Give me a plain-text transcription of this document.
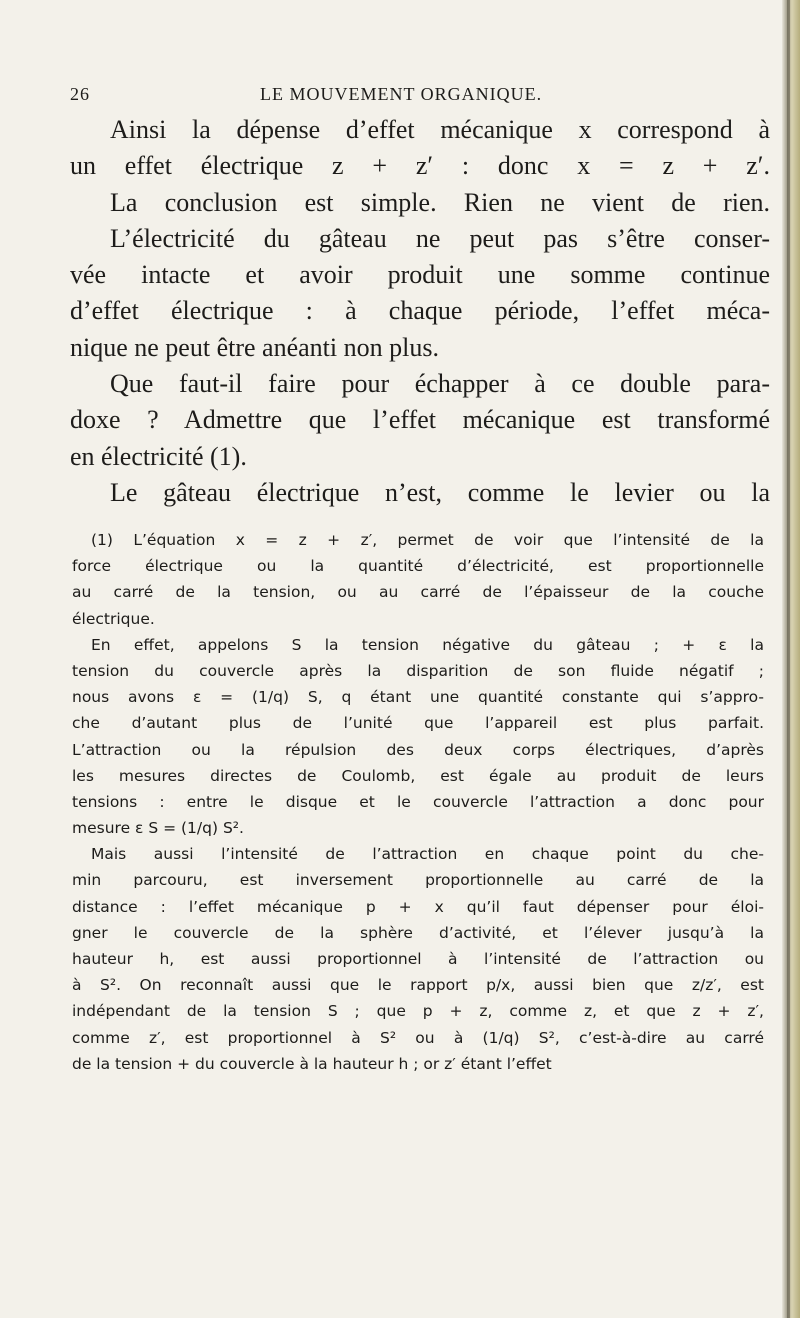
26	LE MOUVEMENT ORGANIQUE.
Ainsi la dépense d’effet mécanique x correspond à
un effet électrique z + z′ : donc x = z + z′.
La conclusion est simple. Rien ne vient de rien.
L’électricité du gâteau ne peut pas s’être conser-
vée intacte et avoir produit une somme continue
d’effet électrique : à chaque période, l’effet méca-
nique ne peut être anéanti non plus.
Que faut-il faire pour échapper à ce double para-
doxe ? Admettre que l’effet mécanique est transformé
en électricité (1).
Le gâteau électrique n’est, comme le levier ou la
(1) L’équation x = z + z′, permet de voir que l’intensité de la
force électrique ou la quantité d’électricité, est proportionnelle
au carré de la tension, ou au carré de l’épaisseur de la couche
électrique.
En effet, appelons S la tension négative du gâteau ; + ε la
tension du couvercle après la disparition de son fluide négatif ;
nous avons ε = (1/q) S, q étant une quantité constante qui s’appro-
che d’autant plus de l’unité que l’appareil est plus parfait.
L’attraction ou la répulsion des deux corps électriques, d’après
les mesures directes de Coulomb, est égale au produit de leurs
tensions : entre le disque et le couvercle l’attraction a donc pour
mesure ε S = (1/q) S².
Mais aussi l’intensité de l’attraction en chaque point du che-
min parcouru, est inversement proportionnelle au carré de la
distance : l’effet mécanique p + x qu’il faut dépenser pour éloi-
gner le couvercle de la sphère d’activité, et l’élever jusqu’à la
hauteur h, est aussi proportionnel à l’intensité de l’attraction ou
à S². On reconnaît aussi que le rapport p/x, aussi bien que z/z′, est
indépendant de la tension S ; que p + z, comme z, et que z + z′,
comme z′, est proportionnel à S² ou à (1/q) S², c’est-à-dire au carré
de la tension + du couvercle à la hauteur h ; or z′ étant l’effet
